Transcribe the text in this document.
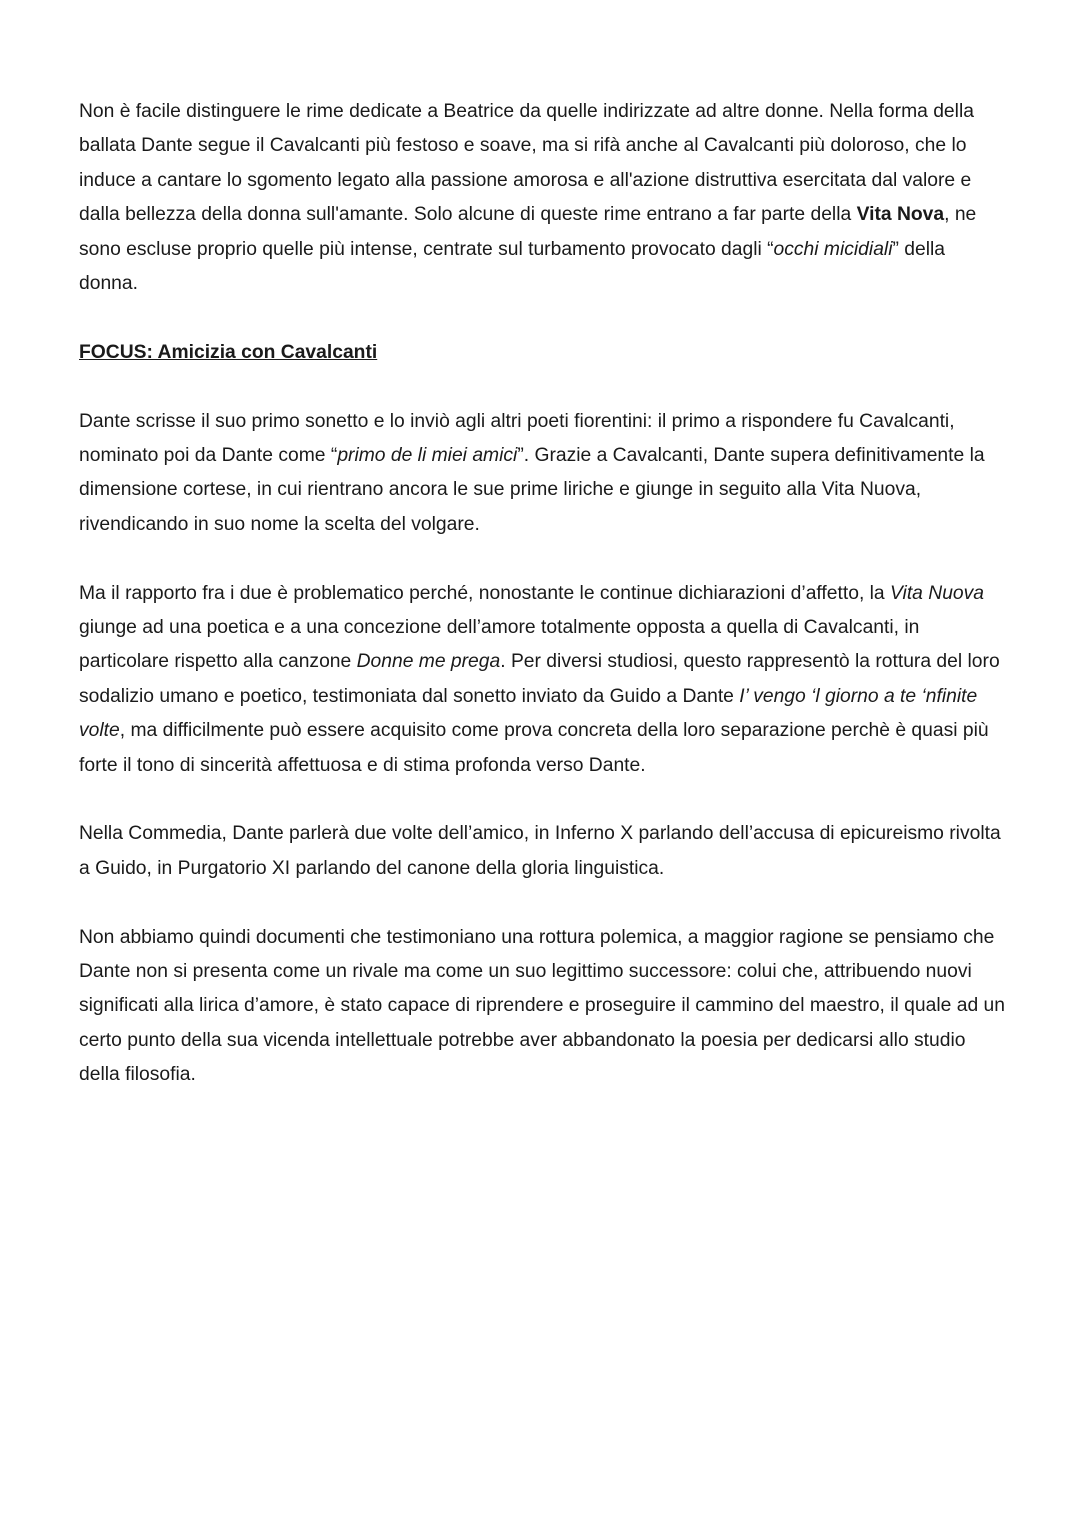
Non è facile distinguere le rime dedicate a Beatrice da quelle indirizzate ad altre donne. Nella forma della ballata Dante segue il Cavalcanti più festoso e soave, ma si rifà anche al Cavalcanti più doloroso, che lo induce a cantare lo sgomento legato alla passione amorosa e all'azione distruttiva esercitata dal valore e dalla bellezza della donna sull'amante. Solo alcune di queste rime entrano a far parte della Vita Nova, ne sono escluse proprio quelle più intense, centrate sul turbamento provocato dagli “occhi micidiali” della donna.

FOCUS: Amicizia con Cavalcanti

Dante scrisse il suo primo sonetto e lo inviò agli altri poeti fiorentini: il primo a rispondere fu Cavalcanti, nominato poi da Dante come “primo de li miei amici”. Grazie a Cavalcanti, Dante supera definitivamente la dimensione cortese, in cui rientrano ancora le sue prime liriche e giunge in seguito alla Vita Nuova, rivendicando in suo nome la scelta del volgare.

Ma il rapporto fra i due è problematico perché, nonostante le continue dichiarazioni d’affetto, la Vita Nuova giunge ad una poetica e a una concezione dell’amore totalmente opposta a quella di Cavalcanti, in particolare rispetto alla canzone Donne me prega. Per diversi studiosi, questo rappresentò la rottura del loro sodalizio umano e poetico, testimoniata dal sonetto inviato da Guido a Dante I’ vengo ‘l giorno a te ‘nfinite volte, ma difficilmente può essere acquisito come prova concreta della loro separazione perchè è quasi più forte il tono di sincerità affettuosa e di stima profonda verso Dante.

Nella Commedia, Dante parlerà due volte dell’amico, in Inferno X parlando dell’accusa di epicureismo rivolta a Guido, in Purgatorio XI parlando del canone della gloria linguistica.

Non abbiamo quindi documenti che testimoniano una rottura polemica, a maggior ragione se pensiamo che Dante non si presenta come un rivale ma come un suo legittimo successore: colui che, attribuendo nuovi significati alla lirica d’amore, è stato capace di riprendere e proseguire il cammino del maestro, il quale ad un certo punto della sua vicenda intellettuale potrebbe aver abbandonato la poesia per dedicarsi allo studio della filosofia.
